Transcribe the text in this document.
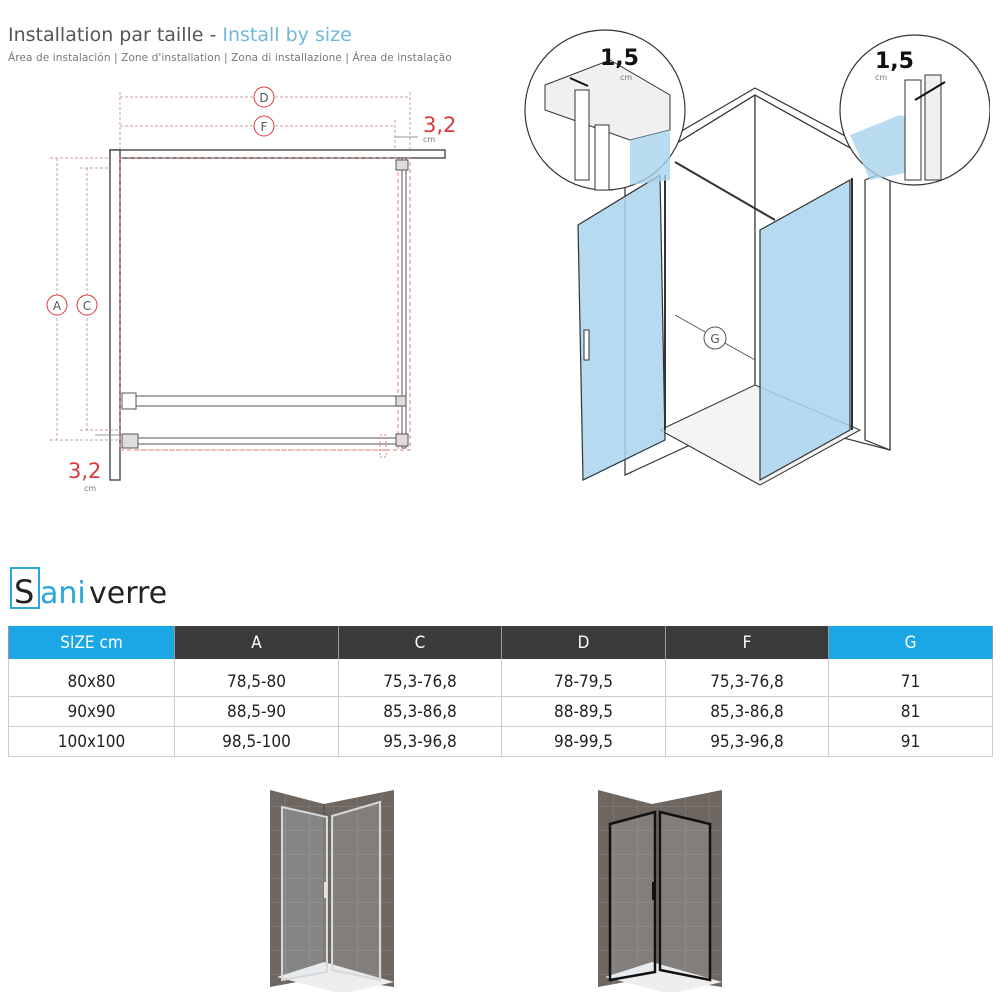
Installation par taille - Install by size
Área de instalación | Zone d'installation | Zona di installazione | Área de instalação
D
F	3,2
cm
A C
3,2
cm
G
1,5
cm
1,5
cm
S ani verre
SIZE cm	A	C	D	F	G
80x80	78,5-80	75,3-76,8	78-79,5	75,3-76,8	71
90x90	88,5-90	85,3-86,8	88-89,5	85,3-86,8	81
100x100	98,5-100	95,3-96,8	98-99,5	95,3-96,8	91
